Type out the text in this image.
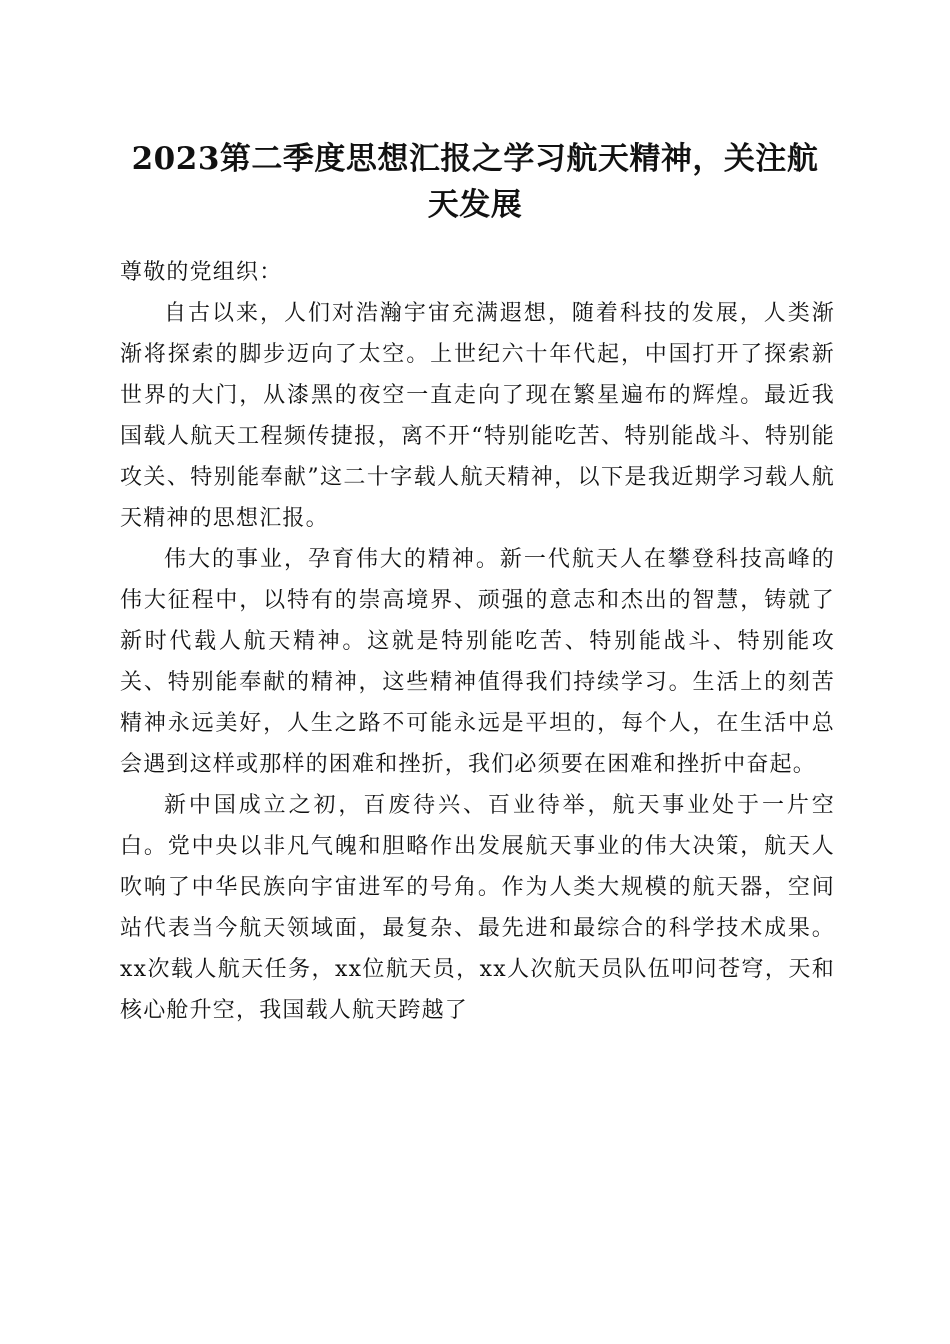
2023第二季度思想汇报之学习航天精神，关注航天发展

尊敬的党组织：

自古以来，人们对浩瀚宇宙充满遐想，随着科技的发展，人类渐渐将探索的脚步迈向了太空。上世纪六十年代起，中国打开了探索新世界的大门，从漆黑的夜空一直走向了现在繁星遍布的辉煌。最近我国载人航天工程频传捷报，离不开“特别能吃苦、特别能战斗、特别能攻关、特别能奉献”这二十字载人航天精神，以下是我近期学习载人航天精神的思想汇报。

伟大的事业，孕育伟大的精神。新一代航天人在攀登科技高峰的伟大征程中，以特有的崇高境界、顽强的意志和杰出的智慧，铸就了新时代载人航天精神。这就是特别能吃苦、特别能战斗、特别能攻关、特别能奉献的精神，这些精神值得我们持续学习。生活上的刻苦精神永远美好，人生之路不可能永远是平坦的，每个人，在生活中总会遇到这样或那样的困难和挫折，我们必须要在困难和挫折中奋起。

新中国成立之初，百废待兴、百业待举，航天事业处于一片空白。党中央以非凡气魄和胆略作出发展航天事业的伟大决策，航天人吹响了中华民族向宇宙进军的号角。作为人类大规模的航天器，空间站代表当今航天领域面，最复杂、最先进和最综合的科学技术成果。xx次载人航天任务，xx位航天员，xx人次航天员队伍叩问苍穹，天和核心舱升空，我国载人航天跨越了
